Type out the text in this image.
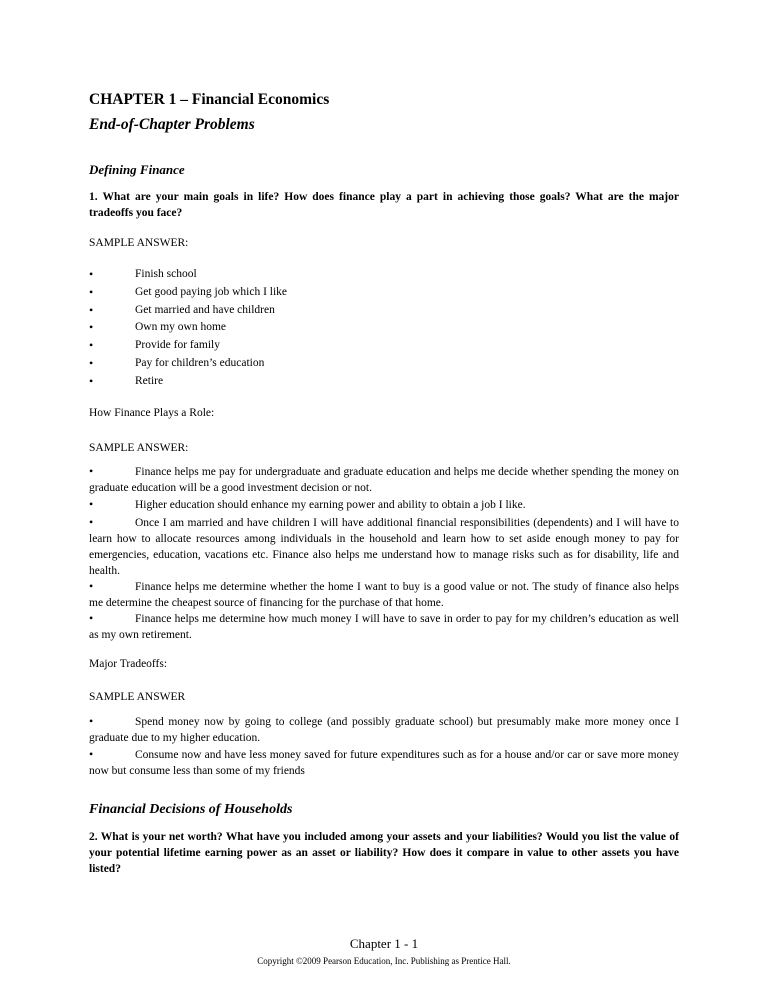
CHAPTER 1 – Financial Economics
End-of-Chapter Problems
Defining Finance

1. What are your main goals in life? How does finance play a part in achieving those goals? What are the major tradeoffs you face?

SAMPLE ANSWER:

•	Finish school
•	Get good paying job which I like
•	Get married and have children
•	Own my own home
•	Provide for family
•	Pay for children’s education
•	Retire

How Finance Plays a Role:

SAMPLE ANSWER:

•	Finance helps me pay for undergraduate and graduate education and helps me decide whether spending the money on graduate education will be a good investment decision or not.

•	Higher education should enhance my earning power and ability to obtain a job I like.

•	Once I am married and have children I will have additional financial responsibilities (dependents) and I will have to learn how to allocate resources among individuals in the household and learn how to set aside enough money to pay for emergencies, education, vacations etc. Finance also helps me understand how to manage risks such as for disability, life and health.

•	Finance helps me determine whether the home I want to buy is a good value or not. The study of finance also helps me determine the cheapest source of financing for the purchase of that home.

•	Finance helps me determine how much money I will have to save in order to pay for my children’s education as well as my own retirement.

Major Tradeoffs:

SAMPLE ANSWER

•	Spend money now by going to college (and possibly graduate school) but presumably make more money once I graduate due to my higher education.

•	Consume now and have less money saved for future expenditures such as for a house and/or car or save more money now but consume less than some of my friends

Financial Decisions of Households

2. What is your net worth? What have you included among your assets and your liabilities? Would you list the value of your potential lifetime earning power as an asset or liability? How does it compare in value to other assets you have listed?

Chapter 1 - 1
Copyright ©2009 Pearson Education, Inc. Publishing as Prentice Hall.
